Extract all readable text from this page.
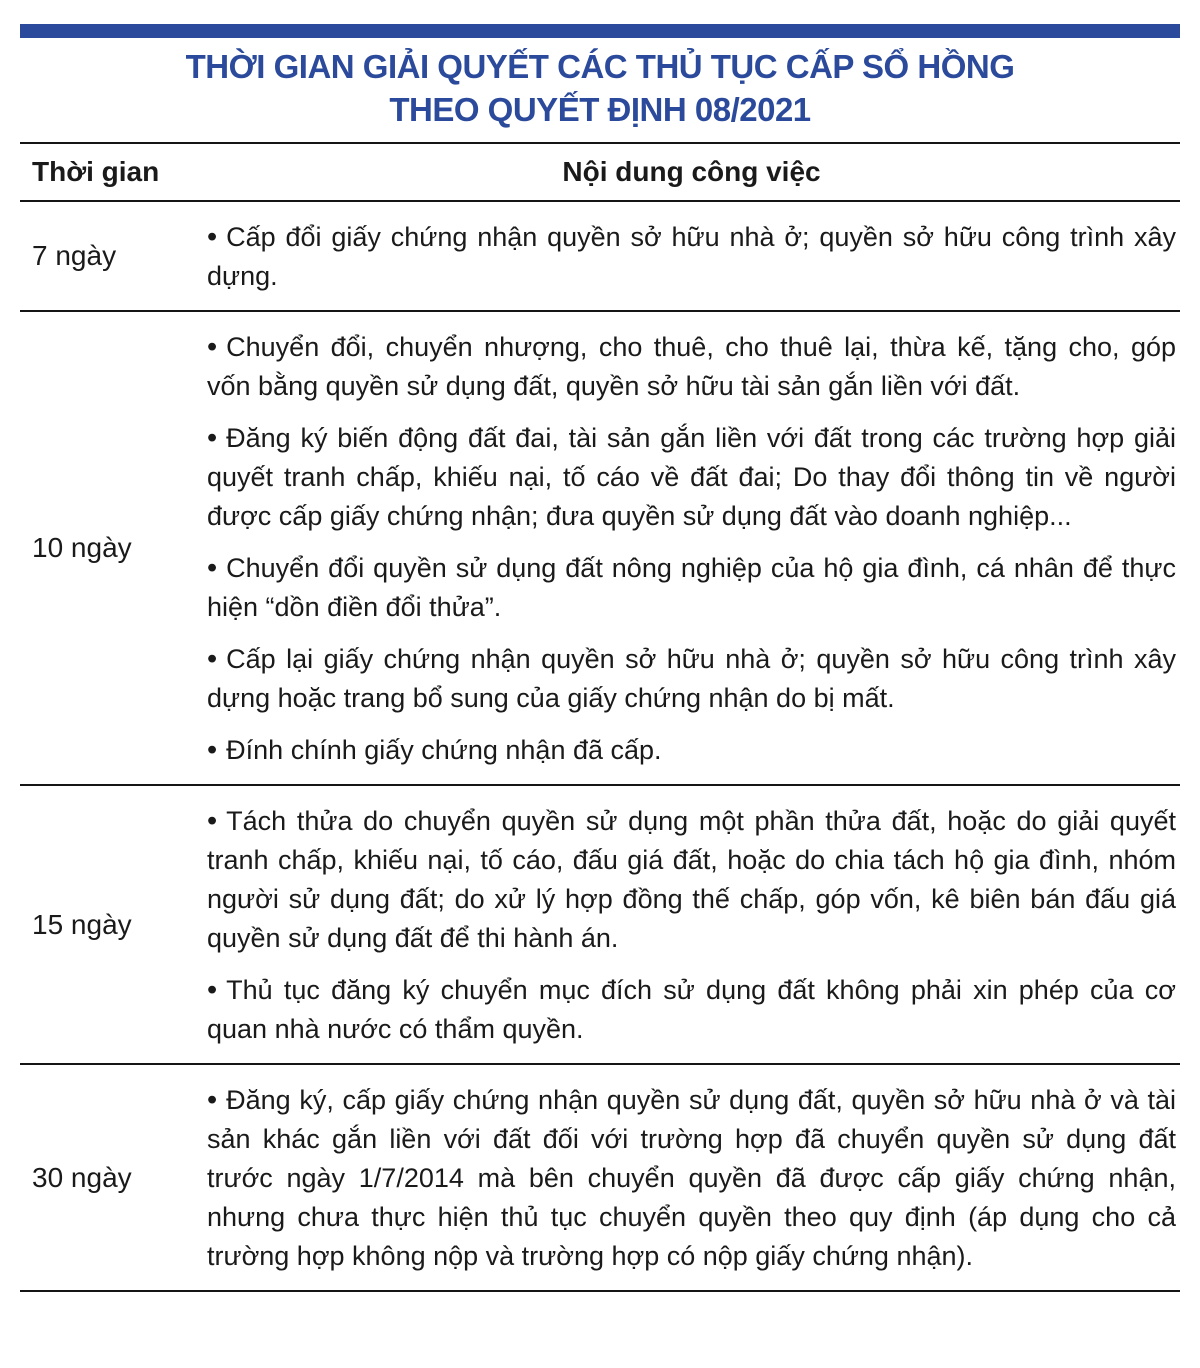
THỜI GIAN GIẢI QUYẾT CÁC THỦ TỤC CẤP SỔ HỒNG
THEO QUYẾT ĐỊNH 08/2021
Thời gian	Nội dung công việc
7 ngày

• Cấp đổi giấy chứng nhận quyền sở hữu nhà ở; quyền sở hữu công trình xây dựng.

10 ngày

• Chuyển đổi, chuyển nhượng, cho thuê, cho thuê lại, thừa kế, tặng cho, góp vốn bằng quyền sử dụng đất, quyền sở hữu tài sản gắn liền với đất.

• Đăng ký biến động đất đai, tài sản gắn liền với đất trong các trường hợp giải quyết tranh chấp, khiếu nại, tố cáo về đất đai; Do thay đổi thông tin về người được cấp giấy chứng nhận; đưa quyền sử dụng đất vào doanh nghiệp...

• Chuyển đổi quyền sử dụng đất nông nghiệp của hộ gia đình, cá nhân để thực hiện “dồn điền đổi thửa”.

• Cấp lại giấy chứng nhận quyền sở hữu nhà ở; quyền sở hữu công trình xây dựng hoặc trang bổ sung của giấy chứng nhận do bị mất.

• Đính chính giấy chứng nhận đã cấp.

15 ngày

• Tách thửa do chuyển quyền sử dụng một phần thửa đất, hoặc do giải quyết tranh chấp, khiếu nại, tố cáo, đấu giá đất, hoặc do chia tách hộ gia đình, nhóm người sử dụng đất; do xử lý hợp đồng thế chấp, góp vốn, kê biên bán đấu giá quyền sử dụng đất để thi hành án.

• Thủ tục đăng ký chuyển mục đích sử dụng đất không phải xin phép của cơ quan nhà nước có thẩm quyền.

30 ngày

• Đăng ký, cấp giấy chứng nhận quyền sử dụng đất, quyền sở hữu nhà ở và tài sản khác gắn liền với đất đối với trường hợp đã chuyển quyền sử dụng đất trước ngày 1/7/2014 mà bên chuyển quyền đã được cấp giấy chứng nhận, nhưng chưa thực hiện thủ tục chuyển quyền theo quy định (áp dụng cho cả trường hợp không nộp và trường hợp có nộp giấy chứng nhận).
